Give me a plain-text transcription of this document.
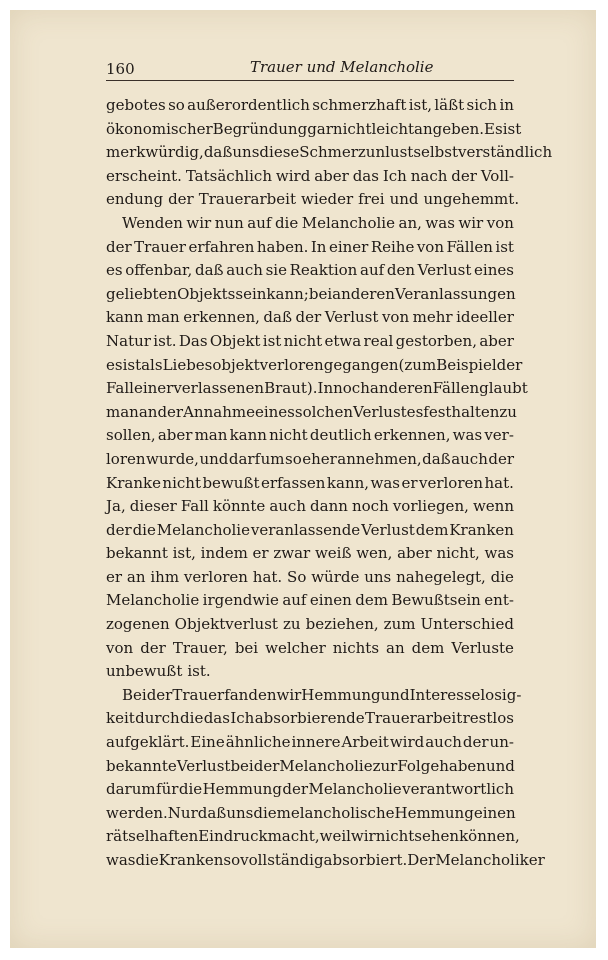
160	Trauer und Melancholie
gebotes so außerordentlich schmerzhaft ist, läßt sich in
ökonomischer Begründung gar nicht leicht angeben. Es ist
merkwürdig, daß uns diese Schmerzunlust selbstverständlich
erscheint. Tatsächlich wird aber das Ich nach der Voll-
endung der Trauerarbeit wieder frei und ungehemmt.
Wenden wir nun auf die Melancholie an, was wir von
der Trauer erfahren haben. In einer Reihe von Fällen ist
es offenbar, daß auch sie Reaktion auf den Verlust eines
geliebten Objekts sein kann; bei anderen Veranlassungen
kann man erkennen, daß der Verlust von mehr ideeller
Natur ist. Das Objekt ist nicht etwa real gestorben, aber
es ist als Liebesobjekt verlorengegangen (zum Beispiel der
Fall einer verlassenen Braut). In noch anderen Fällen glaubt
man an der Annahme eines solchen Verlustes festhalten zu
sollen, aber man kann nicht deutlich erkennen, was ver-
loren wurde, und darf um so eher annehmen, daß auch der
Kranke nicht bewußt erfassen kann, was er verloren hat.
Ja, dieser Fall könnte auch dann noch vorliegen, wenn
der die Melancholie veranlassende Verlust dem Kranken
bekannt ist, indem er zwar weiß wen, aber nicht, was
er an ihm verloren hat. So würde uns nahegelegt, die
Melancholie irgendwie auf einen dem Bewußtsein ent-
zogenen Objektverlust zu beziehen, zum Unterschied
von der Trauer, bei welcher nichts an dem Verluste
unbewußt ist.
Bei der Trauer fanden wir Hemmung und Interesselosig-
keit durch die das Ich absorbierende Trauerarbeit restlos
aufgeklärt. Eine ähnliche innere Arbeit wird auch der un-
bekannte Verlust bei der Melancholie zur Folge haben und
darum für die Hemmung der Melancholie verantwortlich
werden. Nur daß uns die melancholische Hemmung einen
rätselhaften Eindruck macht, weil wir nicht sehen können,
was die Kranken so vollständig absorbiert. Der Melancholiker
